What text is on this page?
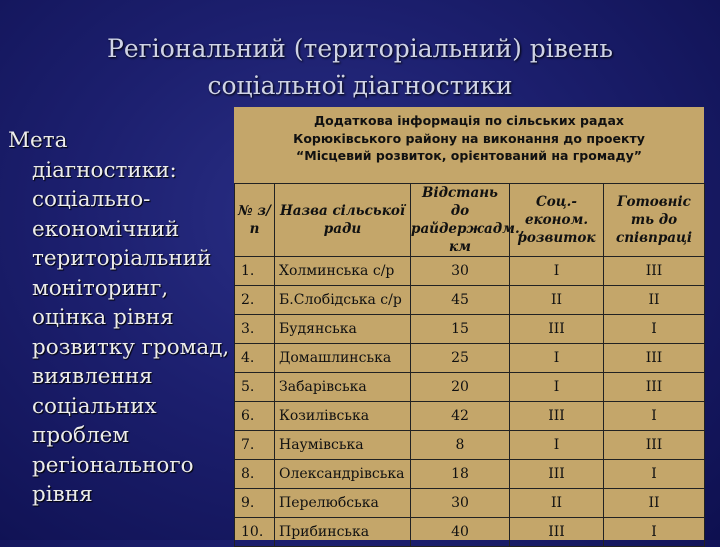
Регіональний (територіальний) рівень
соціальної діагностики
Мета
діагностики:
соціально-
економічний
територіальний
моніторинг,
оцінка рівня
розвитку громад,
виявлення
соціальних
проблем
регіонального
рівня
Додаткова інформація по сільських радах
Корюківського району на виконання до проекту
“Місцевий розвиток, орієнтований на громаду”
№ з/п	Назва сільської ради	Відстань до райдержадм., км	Соц.-економ. розвиток	Готовніс ть до співпраці
1.	Холминська с/р	30	І	ІІІ
2.	Б.Слобідська с/р	45	ІІ	ІІ
3.	Будянська	15	ІІІ	І
4.	Домашлинська	25	І	ІІІ
5.	Забарівська	20	І	ІІІ
6.	Козилівська	42	ІІІ	І
7.	Наумівська	8	І	ІІІ
8.	Олександрівська	18	ІІІ	І
9.	Перелюбська	30	ІІ	ІІ
10.	Прибинська	40	ІІІ	І
